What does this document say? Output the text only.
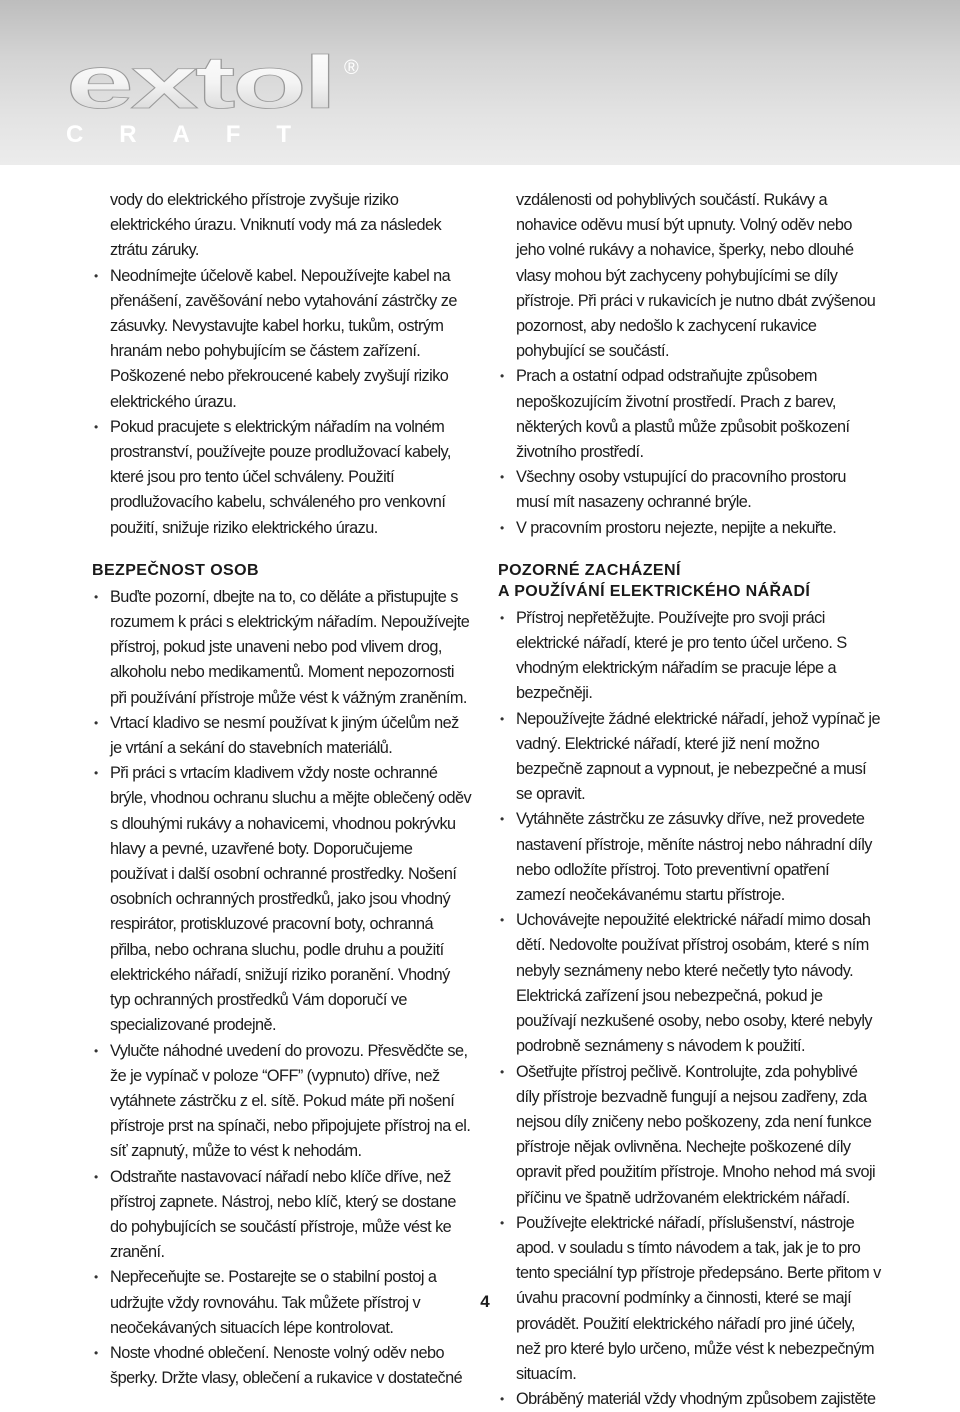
extol ®
CRAFT

vody do elektrického přístroje zvyšuje riziko elektrického úrazu. Vniknutí vody má za následek ztrátu záruky.

• Neodnímejte účelově kabel. Nepoužívejte kabel na přenášení, zavěšování nebo vytahování zástrčky ze zásuvky. Nevystavujte kabel horku, tukům, ostrým hranám nebo pohybujícím se částem zařízení. Poškozené nebo překroucené kabely zvyšují riziko elektrického úrazu.
• Pokud pracujete s elektrickým nářadím na volném prostranství, používejte pouze prodlužovací kabely, které jsou pro tento účel schváleny. Použití prodlužovacího kabelu, schváleného pro venkovní použití, snižuje riziko elektrického úrazu.
BEZPEČNOST OSOB
• Buďte pozorní, dbejte na to, co děláte a přistupujte s rozumem k práci s elektrickým nářadím. Nepoužívejte přístroj, pokud jste unaveni nebo pod vlivem drog, alkoholu nebo medikamentů. Moment nepozornosti při používání přístroje může vést k vážným zraněním.
• Vrtací kladivo se nesmí používat k jiným účelům než je vrtání a sekání do stavebních materiálů.
• Při práci s vrtacím kladivem vždy noste ochranné brýle, vhodnou ochranu sluchu a mějte oblečený oděv s dlouhými rukávy a nohavicemi, vhodnou pokrývku hlavy a pevné, uzavřené boty. Doporučujeme používat i další osobní ochranné prostředky. Nošení osobních ochranných prostředků, jako jsou vhodný respirátor, protiskluzové pracovní boty, ochranná přilba, nebo ochrana sluchu, podle druhu a použití elektrického nářadí, snižují riziko poranění. Vhodný typ ochranných prostředků Vám doporučí ve specializované prodejně.
• Vylučte náhodné uvedení do provozu. Přesvědčte se, že je vypínač v poloze “OFF” (vypnuto) dříve, než vytáhnete zástrčku z el. sítě. Pokud máte při nošení přístroje prst na spínači, nebo připojujete přístroj na el. síť zapnutý, může to vést k nehodám.
• Odstraňte nastavovací nářadí nebo klíče dříve, než přístroj zapnete. Nástroj, nebo klíč, který se dostane do pohybujících se součástí přístroje, může vést ke zranění.
• Nepřeceňujte se. Postarejte se o stabilní postoj a udržujte vždy rovnováhu. Tak můžete přístroj v neočekávaných situacích lépe kontrolovat.
• Noste vhodné oblečení. Nenoste volný oděv nebo šperky. Držte vlasy, oblečení a rukavice v dostatečné

vzdálenosti od pohyblivých součástí. Rukávy a nohavice oděvu musí být upnuty. Volný oděv nebo jeho volné rukávy a nohavice, šperky, nebo dlouhé vlasy mohou být zachyceny pohybujícími se díly přístroje. Při práci v rukavicích je nutno dbát zvýšenou pozornost, aby nedošlo k zachycení rukavice pohybující se součástí.

• Prach a ostatní odpad odstraňujte způsobem nepoškozujícím životní prostředí. Prach z barev, některých kovů a plastů může způsobit poškození životního prostředí.
• Všechny osoby vstupující do pracovního prostoru musí mít nasazeny ochranné brýle.
• V pracovním prostoru nejezte, nepijte a nekuřte.
POZORNÉ ZACHÁZENÍ
A POUŽÍVÁNÍ ELEKTRICKÉHO NÁŘADÍ
• Přístroj nepřetěžujte. Používejte pro svoji práci elektrické nářadí, které je pro tento účel určeno. S vhodným elektrickým nářadím se pracuje lépe a bezpečněji.
• Nepoužívejte žádné elektrické nářadí, jehož vypínač je vadný. Elektrické nářadí, které již není možno bezpečně zapnout a vypnout, je nebezpečné a musí se opravit.
• Vytáhněte zástrčku ze zásuvky dříve, než provedete nastavení přístroje, měníte nástroj nebo náhradní díly nebo odložíte přístroj. Toto preventivní opatření zamezí neočekávanému startu přístroje.
• Uchovávejte nepoužité elektrické nářadí mimo dosah dětí. Nedovolte používat přístroj osobám, které s ním nebyly seznámeny nebo které nečetly tyto návody. Elektrická zařízení jsou nebezpečná, pokud je používají nezkušené osoby, nebo osoby, které nebyly podrobně seznámeny s návodem k použití.
• Ošetřujte přístroj pečlivě. Kontrolujte, zda pohyblivé díly přístroje bezvadně fungují a nejsou zadřeny, zda nejsou díly zničeny nebo poškozeny, zda není funkce přístroje nějak ovlivněna. Nechejte poškozené díly opravit před použitím přístroje. Mnoho nehod má svoji příčinu ve špatně udržovaném elektrickém nářadí.
• Používejte elektrické nářadí, příslušenství, nástroje apod. v souladu s tímto návodem a tak, jak je to pro tento speciální typ přístroje předepsáno. Berte přitom v úvahu pracovní podmínky a činnosti, které se mají provádět. Použití elektrického nářadí pro jiné účely, než pro které bylo určeno, může vést k nebezpečným situacím.
• Obráběný materiál vždy vhodným způsobem zajistěte
4
